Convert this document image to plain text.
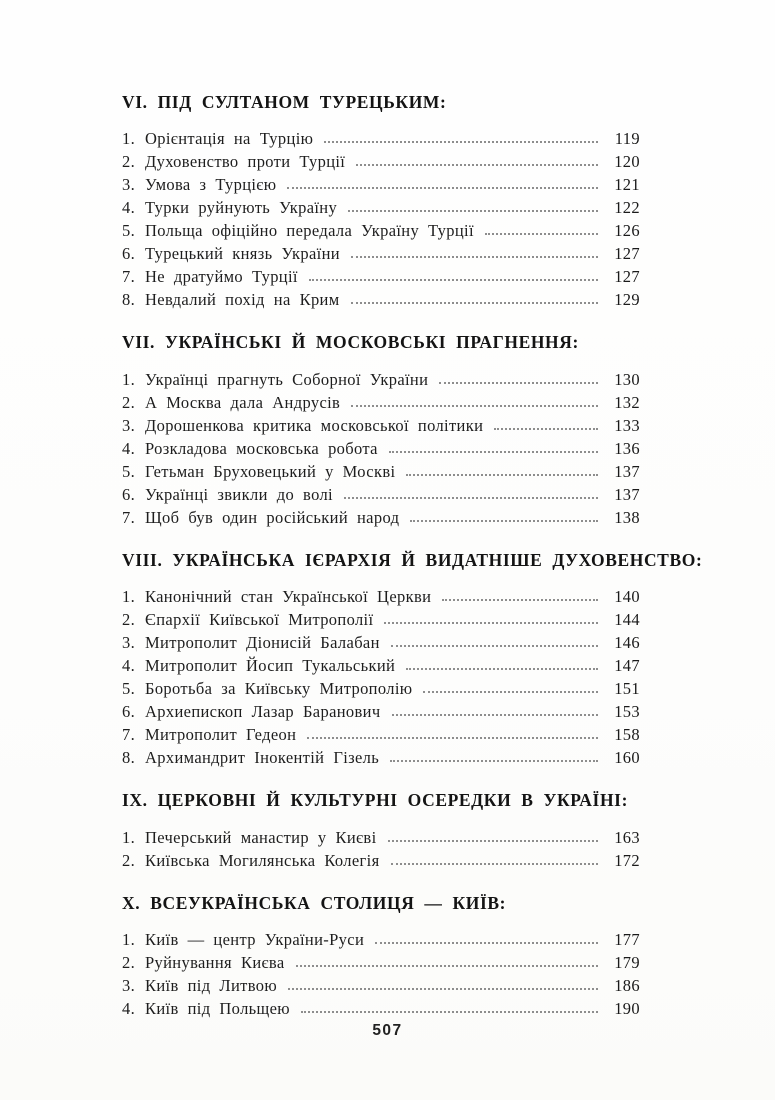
VI. ПІД СУЛТАНОМ ТУРЕЦЬКИМ:
1. Орієнтація на Турцію	119
2. Духовенство проти Турції	120
3. Умова з Турцією	121
4. Турки руйнують Україну	122
5. Польща офіційно передала Україну Турції	126
6. Турецький князь України	127
7. Не дратуймо Турції	127
8. Невдалий похід на Крим	129
VII. УКРАЇНСЬКІ Й МОСКОВСЬКІ ПРАГНЕННЯ:
1. Українці прагнуть Соборної України	130
2. А Москва дала Андрусів	132
3. Дорошенкова критика московської політики	133
4. Розкладова московська робота	136
5. Гетьман Бруховецький у Москві	137
6. Українці звикли до волі	137
7. Щоб був один російський народ	138
VIII. УКРАЇНСЬКА ІЄРАРХІЯ Й ВИДАТНІШЕ ДУХОВЕНСТВО:
1. Канонічний стан Української Церкви	140
2. Єпархії Київської Митрополії	144
3. Митрополит Діонисій Балабан	146
4. Митрополит Йосип Тукальський	147
5. Боротьба за Київську Митрополію	151
6. Архиепископ Лазар Баранович	153
7. Митрополит Гедеон	158
8. Архимандрит Інокентій Гізель	160
IX. ЦЕРКОВНІ Й КУЛЬТУРНІ ОСЕРЕДКИ В УКРАЇНІ:
1. Печерський манастир у Києві	163
2. Київська Могилянська Колегія	172
X. ВСЕУКРАЇНСЬКА СТОЛИЦЯ — КИЇВ:
1. Київ — центр України-Руси	177
2. Руйнування Києва	179
3. Київ під Литвою	186
4. Київ під Польщею	190
507
